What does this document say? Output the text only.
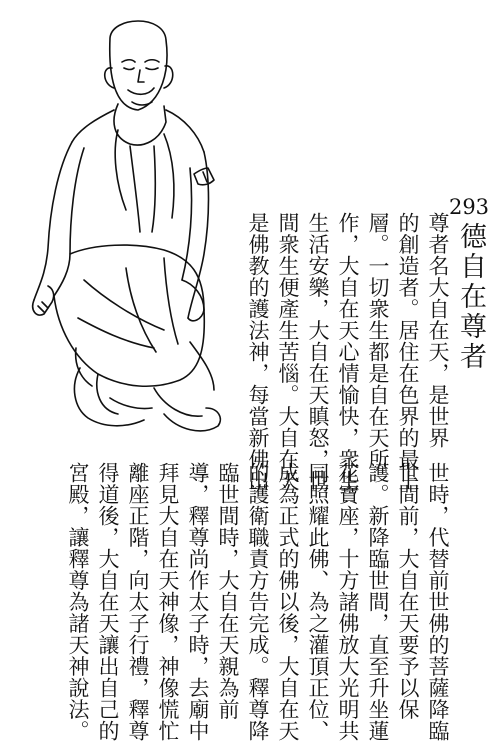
293
德自在尊者
尊者名大自在天，是世界
的創造者。居住在色界的最上
層。一切衆生都是自在天所
作，大自在天心情愉快，衆生
生活安樂，大自在天瞋怒，世
間衆生便產生苦惱。大自在天
是佛教的護法神，每當新佛出
世時，代替前世佛的菩薩降臨
世間前，大自在天要予以保
護。新降臨世間，直至升坐蓮
花寶座，十方諸佛放大光明共
同照耀此佛、為之灌頂正位、
成為正式的佛以後，大自在天
的護衛職責方告完成。釋尊降
臨世間時，大自在天親為前
導，釋尊尚作太子時，去廟中
拜見大自在天神像，神像慌忙
離座正階，向太子行禮，釋尊
得道後，大自在天讓出自己的
宮殿，讓釋尊為諸天神說法。
